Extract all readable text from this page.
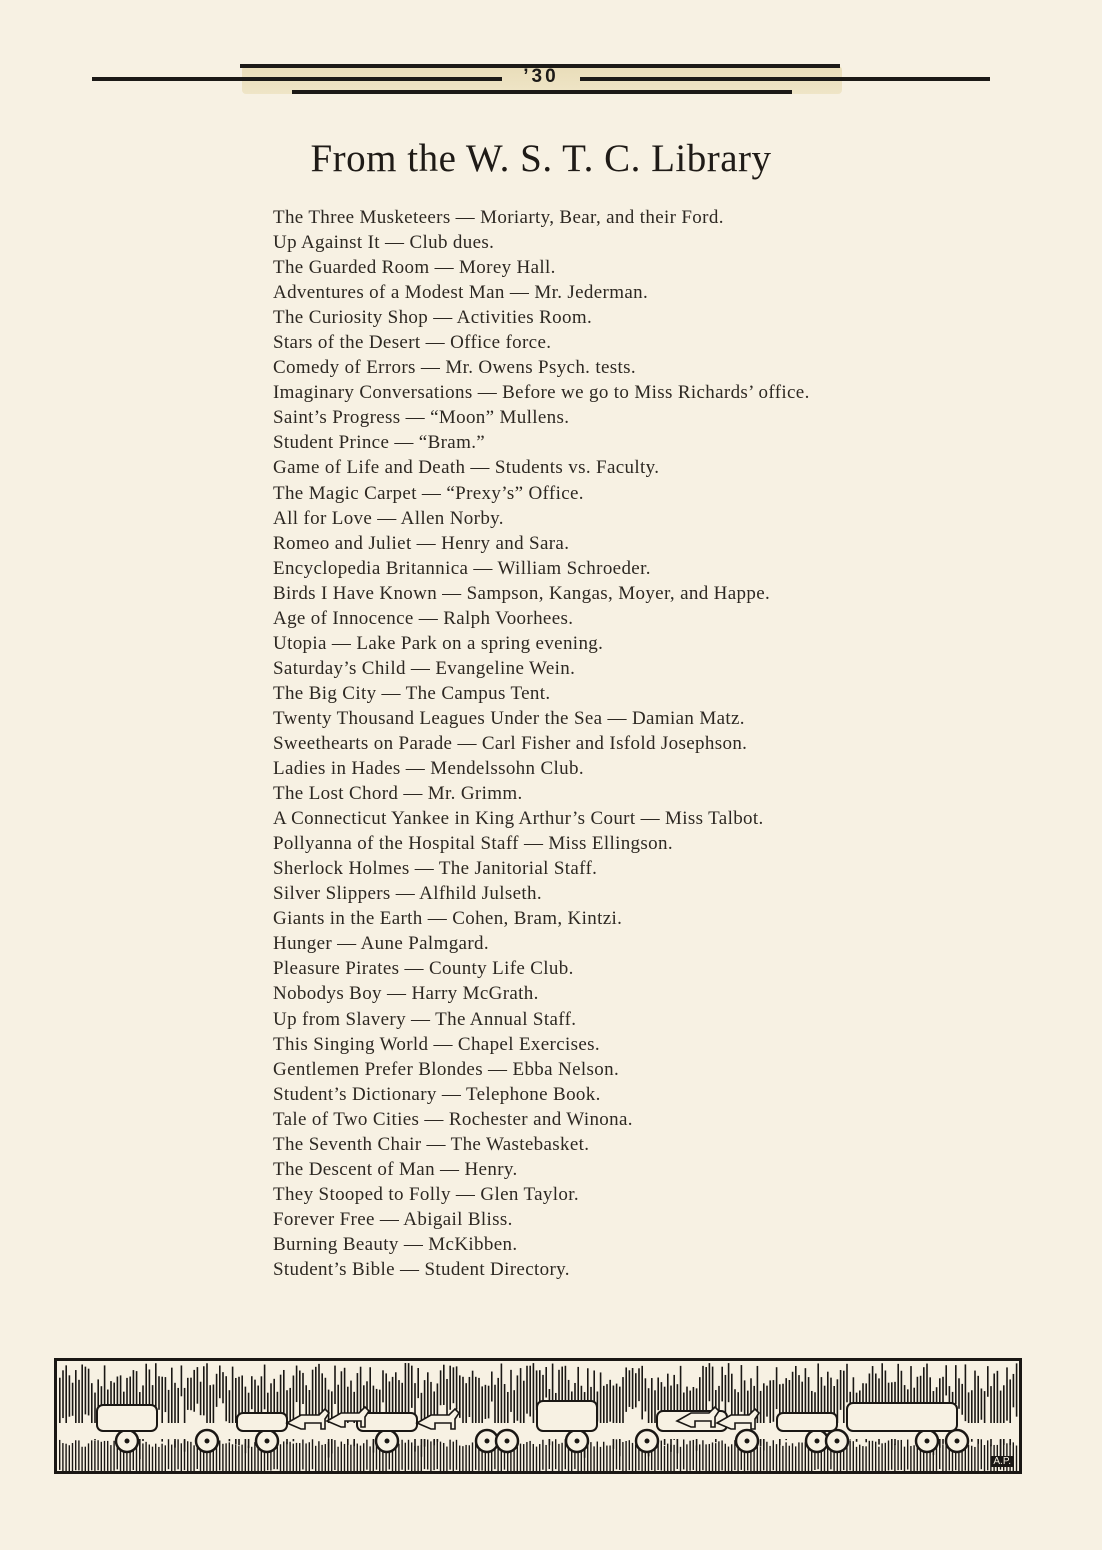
’30
From the W. S. T. C. Library
The Three Musketeers — Moriarty, Bear, and their Ford.
Up Against It — Club dues.
The Guarded Room — Morey Hall.
Adventures of a Modest Man — Mr. Jederman.
The Curiosity Shop — Activities Room.
Stars of the Desert — Office force.
Comedy of Errors — Mr. Owens Psych. tests.
Imaginary Conversations — Before we go to Miss Richards’ office.
Saint’s Progress — “Moon” Mullens.
Student Prince — “Bram.”
Game of Life and Death — Students vs. Faculty.
The Magic Carpet — “Prexy’s” Office.
All for Love — Allen Norby.
Romeo and Juliet — Henry and Sara.
Encyclopedia Britannica — William Schroeder.
Birds I Have Known — Sampson, Kangas, Moyer, and Happe.
Age of Innocence — Ralph Voorhees.
Utopia — Lake Park on a spring evening.
Saturday’s Child — Evangeline Wein.
The Big City — The Campus Tent.
Twenty Thousand Leagues Under the Sea — Damian Matz.
Sweethearts on Parade — Carl Fisher and Isfold Josephson.
Ladies in Hades — Mendelssohn Club.
The Lost Chord — Mr. Grimm.
A Connecticut Yankee in King Arthur’s Court — Miss Talbot.
Pollyanna of the Hospital Staff — Miss Ellingson.
Sherlock Holmes — The Janitorial Staff.
Silver Slippers — Alfhild Julseth.
Giants in the Earth — Cohen, Bram, Kintzi.
Hunger — Aune Palmgard.
Pleasure Pirates — County Life Club.
Nobodys Boy — Harry McGrath.
Up from Slavery — The Annual Staff.
This Singing World — Chapel Exercises.
Gentlemen Prefer Blondes — Ebba Nelson.
Student’s Dictionary — Telephone Book.
Tale of Two Cities — Rochester and Winona.
The Seventh Chair — The Wastebasket.
The Descent of Man — Henry.
They Stooped to Folly — Glen Taylor.
Forever Free — Abigail Bliss.
Burning Beauty — McKibben.
Student’s Bible — Student Directory.
A.P.
